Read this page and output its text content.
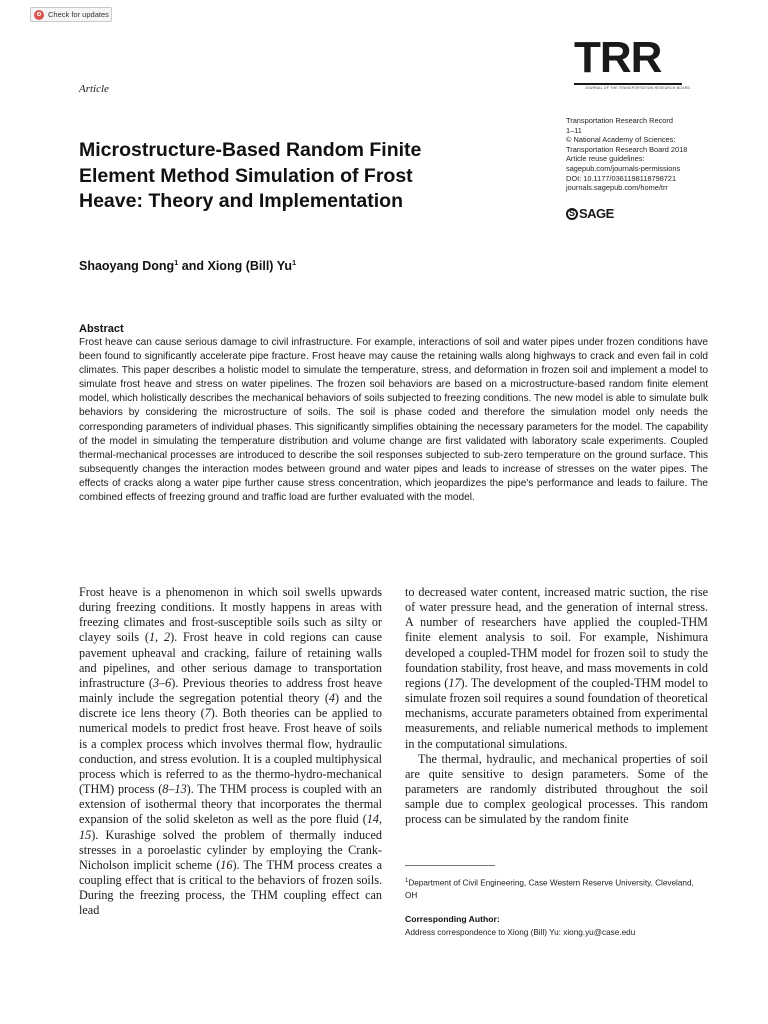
Check for updates
TRR
JOURNAL OF THE TRANSPORTATION RESEARCH BOARD
Article
Transportation Research Record
1–11
© National Academy of Sciences:
Transportation Research Board 2018
Article reuse guidelines:
sagepub.com/journals-permissions
DOI: 10.1177/0361198118798721
journals.sagepub.com/home/trr
S
SAGE
Microstructure-Based Random Finite
Element Method Simulation of Frost
Heave: Theory and Implementation
Shaoyang Dong$^1$ and Xiong (Bill) Yu$^1$
Abstract
Frost heave can cause serious damage to civil infrastructure. For example, interactions of soil and water pipes under frozen conditions have been found to significantly accelerate pipe fracture. Frost heave may cause the retaining walls along highways to crack and even fail in cold climates. This paper describes a holistic model to simulate the temperature, stress, and deformation in frozen soil and implement a model to simulate frost heave and stress on water pipelines. The frozen soil behaviors are based on a microstructure-based random finite element model, which holistically describes the mechanical behaviors of soils subjected to freezing conditions. The new model is able to simulate bulk behaviors by considering the microstructure of soils. The soil is phase coded and therefore the simulation model only needs the corresponding parameters of individual phases. This significantly simplifies obtaining the necessary parameters for the model. The capability of the model in simulating the temperature distribution and volume change are first validated with laboratory scale experiments. Coupled thermal-mechanical processes are introduced to describe the soil responses subjected to sub-zero temperature on the ground surface. This subsequently changes the interaction modes between ground and water pipes and leads to increase of stresses on the water pipes. The effects of cracks along a water pipe further cause stress concentration, which jeopardizes the pipe's performance and leads to failure. The combined effects of freezing ground and traffic load are further evaluated with the model.

Frost heave is a phenomenon in which soil swells upwards during freezing conditions. It mostly happens in areas with freezing climates and frost-susceptible soils such as silty or clayey soils (1, 2). Frost heave in cold regions can cause pavement upheaval and cracking, failure of retaining walls and pipelines, and other serious damage to transportation infrastructure (3–6). Previous theories to address frost heave mainly include the segregation potential theory (4) and the discrete ice lens theory (7). Both theories can be applied to numerical models to predict frost heave. Frost heave of soils is a complex process which involves thermal flow, hydraulic conduction, and stress evolution. It is a coupled multiphysical process which is referred to as the thermo-hydro-mechanical (THM) process (8–13). The THM process is coupled with an extension of isothermal theory that incorporates the thermal expansion of the solid skeleton as well as the pore fluid (14, 15). Kurashige solved the problem of thermally induced stresses in a poroelastic cylinder by employing the Crank-Nicholson implicit scheme (16). The THM process creates a coupling effect that is critical to the behaviors of frozen soils. During the freezing process, the THM coupling effect can lead

to decreased water content, increased matric suction, the rise of water pressure head, and the generation of internal stress. A number of researchers have applied the coupled-THM finite element analysis to soil. For example, Nishimura developed a coupled-THM model for frozen soil to study the foundation stability, frost heave, and mass movements in cold regions (17). The development of the coupled-THM model to simulate frozen soil requires a sound foundation of theoretical mechanisms, accurate parameters obtained from experimental measurements, and reliable numerical methods to implement in the computational simulations.

The thermal, hydraulic, and mechanical properties of soil are quite sensitive to design parameters. Some of the parameters are randomly distributed throughout the soil sample due to complex geological processes. This random process can be simulated by the random finite

$^1$Department of Civil Engineering, Case Western Reserve University, Cleveland, OH
Corresponding Author:
Address correspondence to Xiong (Bill) Yu: xiong.yu@case.edu
